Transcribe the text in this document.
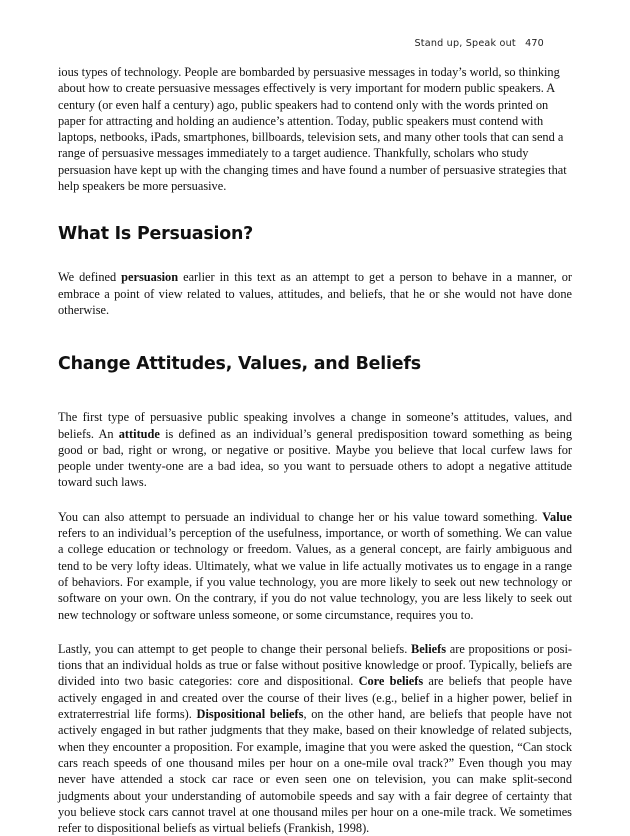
Stand up, Speak out 470

ious types of technology. People are bombarded by persuasive messages in today’s world, so thinking about how to create persuasive messages effectively is very important for modern public speakers. A century (or even half a century) ago, public speakers had to contend only with the words printed on paper for attracting and holding an audience’s attention. Today, public speakers must contend with laptops, netbooks, iPads, smartphones, billboards, television sets, and many other tools that can send a range of persuasive messages immediately to a target audience. Thankfully, scholars who study persuasion have kept up with the changing times and have found a number of persuasive strategies that help speakers be more persuasive.

What Is Persuasion?

We defined persuasion earlier in this text as an attempt to get a person to behave in a manner, or embrace a point of view related to values, attitudes, and beliefs, that he or she would not have done otherwise.

Change Attitudes, Values, and Beliefs

The first type of persuasive public speaking involves a change in someone’s attitudes, values, and beliefs. An attitude is defined as an individual’s general predisposition toward something as being good or bad, right or wrong, or negative or positive. Maybe you believe that local curfew laws for people under twenty-one are a bad idea, so you want to persuade others to adopt a negative attitude toward such laws.

You can also attempt to persuade an individual to change her or his value toward something. Value refers to an individual’s perception of the usefulness, importance, or worth of something. We can value a college education or technology or freedom. Values, as a general concept, are fairly ambiguous and tend to be very lofty ideas. Ultimately, what we value in life actually motivates us to engage in a range of behaviors. For example, if you value technology, you are more likely to seek out new technology or software on your own. On the contrary, if you do not value technology, you are less likely to seek out new technology or software unless someone, or some circumstance, requires you to.

Lastly, you can attempt to get people to change their personal beliefs. Beliefs are propositions or positions that an individual holds as true or false without positive knowledge or proof. Typically, beliefs are divided into two basic categories: core and dispositional. Core beliefs are beliefs that people have actively engaged in and created over the course of their lives (e.g., belief in a higher power, belief in extraterrestrial life forms). Dispositional beliefs, on the other hand, are beliefs that people have not actively engaged in but rather judgments that they make, based on their knowledge of related subjects, when they encounter a proposition. For example, imagine that you were asked the question, “Can stock cars reach speeds of one thousand miles per hour on a one-mile oval track?” Even though you may never have attended a stock car race or even seen one on television, you can make split-second judgments about your understanding of automobile speeds and say with a fair degree of certainty that you believe stock cars cannot travel at one thousand miles per hour on a one-mile track. We sometimes refer to dispositional beliefs as virtual beliefs (Frankish, 1998).
